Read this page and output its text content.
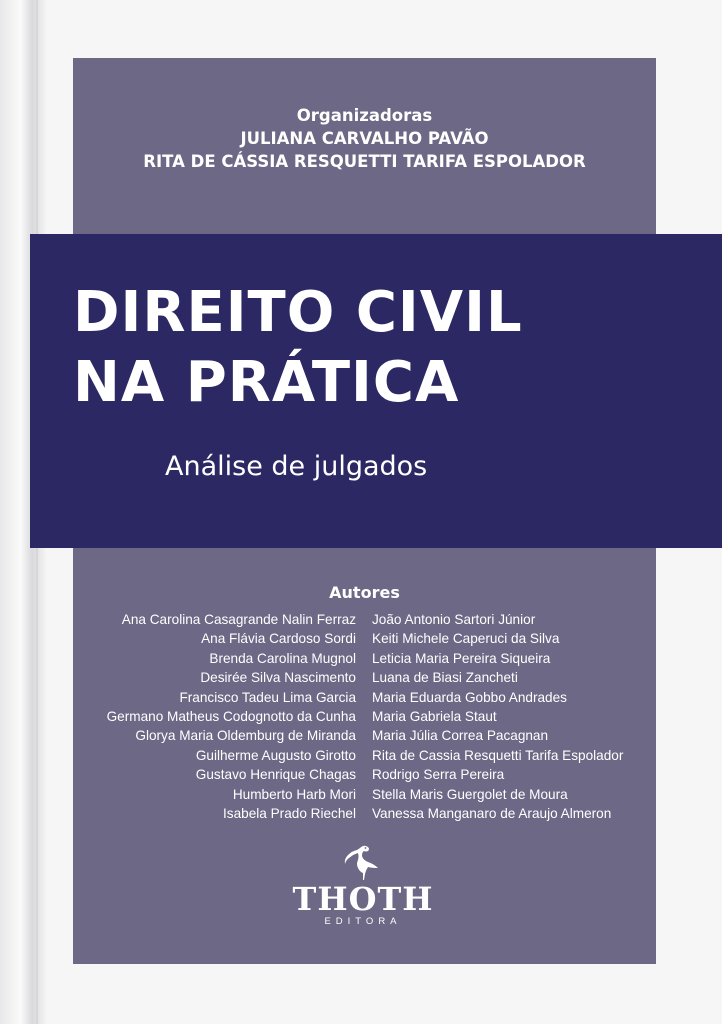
Organizadoras
JULIANA CARVALHO PAVÃO
RITA DE CÁSSIA RESQUETTI TARIFA ESPOLADOR
DIREITO CIVIL
NA PRÁTICA
Análise de julgados
Autores
Ana Carolina Casagrande Nalin Ferraz
Ana Flávia Cardoso Sordi
Brenda Carolina Mugnol
Desirée Silva Nascimento
Francisco Tadeu Lima Garcia
Germano Matheus Codognotto da Cunha
Glorya Maria Oldemburg de Miranda
Guilherme Augusto Girotto
Gustavo Henrique Chagas
Humberto Harb Mori
Isabela Prado Riechel
João Antonio Sartori Júnior
Keiti Michele Caperuci da Silva
Leticia Maria Pereira Siqueira
Luana de Biasi Zancheti
Maria Eduarda Gobbo Andrades
Maria Gabriela Staut
Maria Júlia Correa Pacagnan
Rita de Cassia Resquetti Tarifa Espolador
Rodrigo Serra Pereira
Stella Maris Guergolet de Moura
Vanessa Manganaro de Araujo Almeron
THOTH
EDITORA
